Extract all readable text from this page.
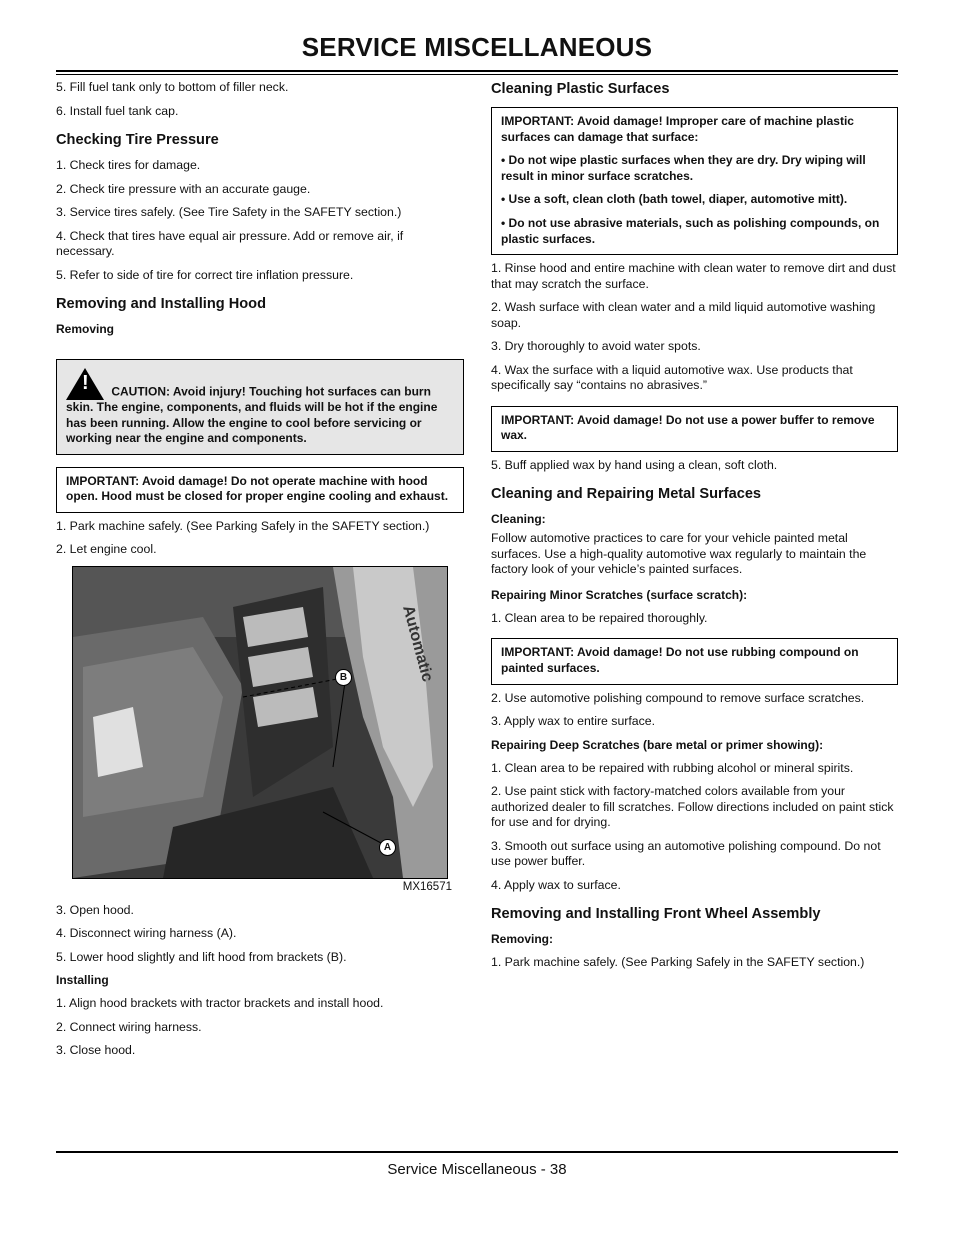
SERVICE MISCELLANEOUS

5. Fill fuel tank only to bottom of filler neck.

6. Install fuel tank cap.

Checking Tire Pressure

1. Check tires for damage.

2. Check tire pressure with an accurate gauge.

3. Service tires safely. (See Tire Safety in the SAFETY section.)

4. Check that tires have equal air pressure. Add or remove air, if necessary.

5. Refer to side of tire for correct tire inflation pressure.

Removing and Installing Hood
Removing
! CAUTION: Avoid injury! Touching hot surfaces can burn skin. The engine, components, and fluids will be hot if the engine has been running. Allow the engine to cool before servicing or working near the engine and components.
IMPORTANT: Avoid damage! Do not operate machine with hood open. Hood must be closed for proper engine cooling and exhaust.

1. Park machine safely. (See Parking Safely in the SAFETY section.)

2. Let engine cool.

Automatic
B
A
MX16571

3. Open hood.

4. Disconnect wiring harness (A).

5. Lower hood slightly and lift hood from brackets (B).

Installing

1. Align hood brackets with tractor brackets and install hood.

2. Connect wiring harness.

3. Close hood.

Cleaning Plastic Surfaces

IMPORTANT: Avoid damage! Improper care of machine plastic surfaces can damage that surface:

• Do not wipe plastic surfaces when they are dry. Dry wiping will result in minor surface scratches.

• Use a soft, clean cloth (bath towel, diaper, automotive mitt).

• Do not use abrasive materials, such as polishing compounds, on plastic surfaces.

1. Rinse hood and entire machine with clean water to remove dirt and dust that may scratch the surface.

2. Wash surface with clean water and a mild liquid automotive washing soap.

3. Dry thoroughly to avoid water spots.

4. Wax the surface with a liquid automotive wax. Use products that specifically say “contains no abrasives.”

IMPORTANT: Avoid damage! Do not use a power buffer to remove wax.

5. Buff applied wax by hand using a clean, soft cloth.

Cleaning and Repairing Metal Surfaces
Cleaning:

Follow automotive practices to care for your vehicle painted metal surfaces. Use a high-quality automotive wax regularly to maintain the factory look of your vehicle’s painted surfaces.

Repairing Minor Scratches (surface scratch):

1. Clean area to be repaired thoroughly.

IMPORTANT: Avoid damage! Do not use rubbing compound on painted surfaces.

2. Use automotive polishing compound to remove surface scratches.

3. Apply wax to entire surface.

Repairing Deep Scratches (bare metal or primer showing):

1. Clean area to be repaired with rubbing alcohol or mineral spirits.

2. Use paint stick with factory-matched colors available from your authorized dealer to fill scratches. Follow directions included on paint stick for use and for drying.

3. Smooth out surface using an automotive polishing compound. Do not use power buffer.

4. Apply wax to surface.

Removing and Installing Front Wheel Assembly
Removing:

1. Park machine safely. (See Parking Safely in the SAFETY section.)

Service Miscellaneous - 38
